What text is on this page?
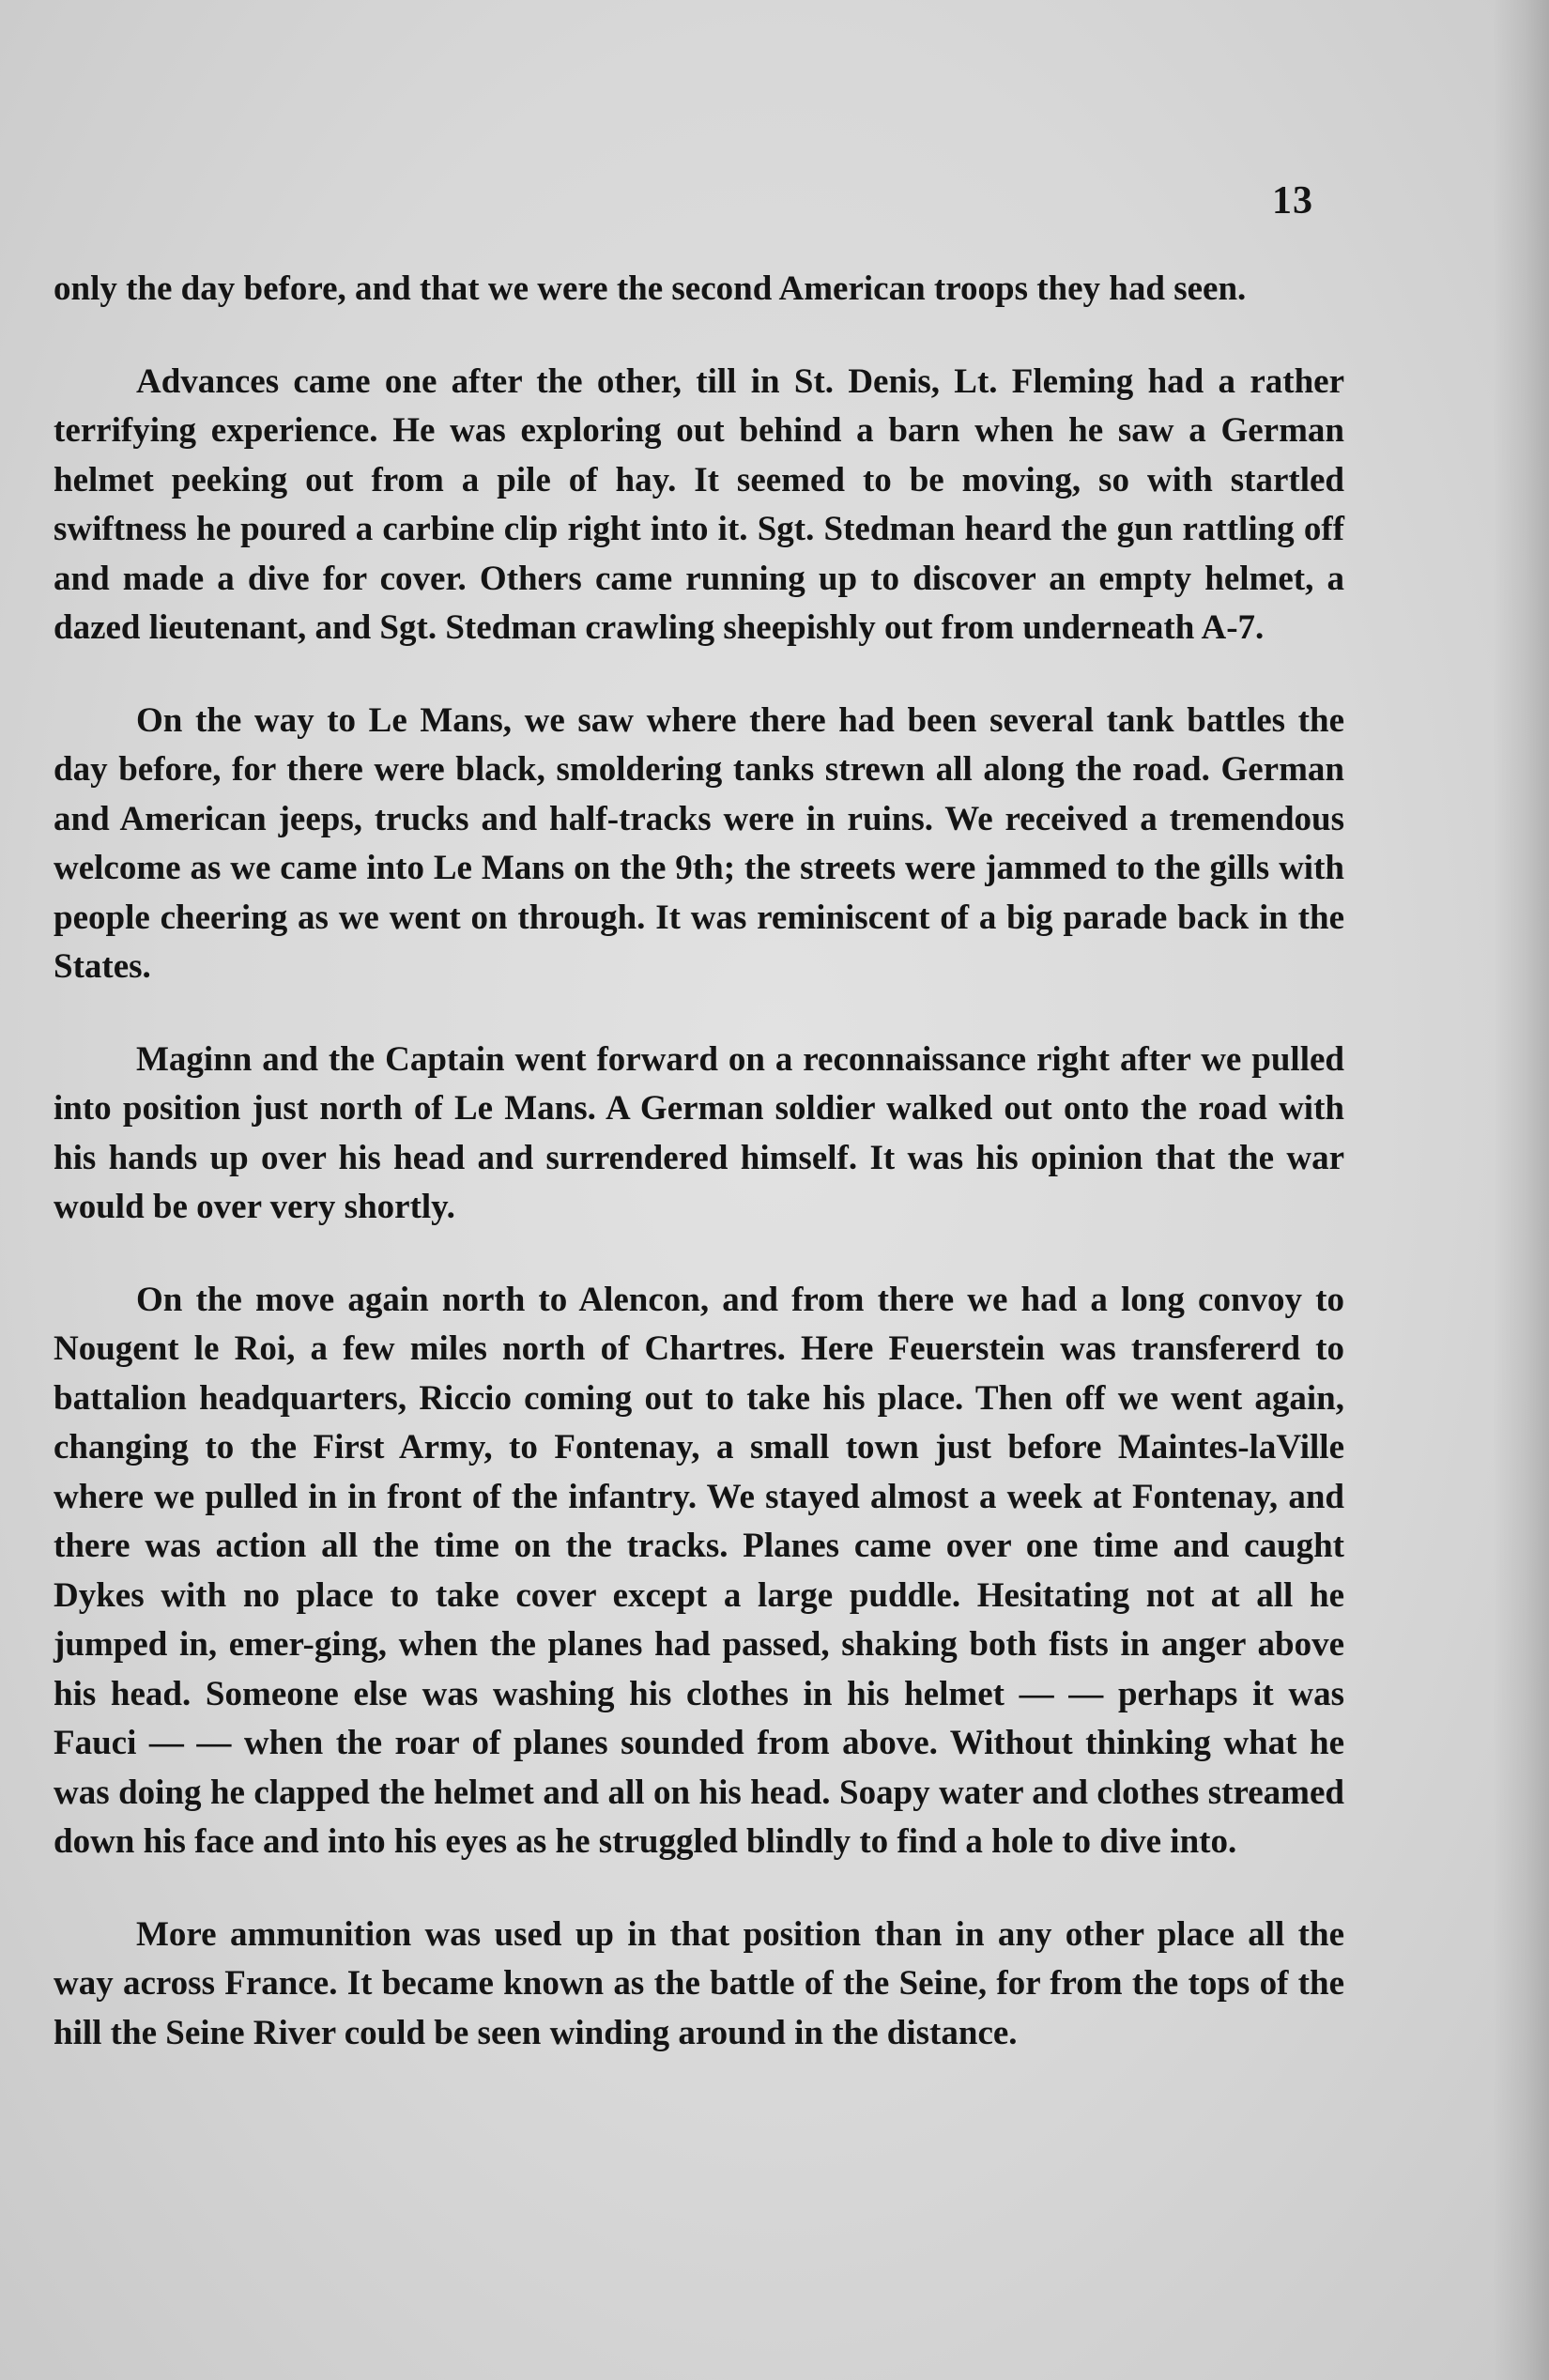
13

only the day before, and that we were the second American troops they had seen.

Advances came one after the other, till in St. Denis, Lt. Fleming had a rather terrifying experience. He was exploring out behind a barn when he saw a German helmet peeking out from a pile of hay. It seemed to be moving, so with startled swiftness he poured a carbine clip right into it. Sgt. Stedman heard the gun rattling off and made a dive for cover. Others came running up to discover an empty helmet, a dazed lieutenant, and Sgt. Stedman crawling sheepishly out from underneath A-7.

On the way to Le Mans, we saw where there had been several tank battles the day before, for there were black, smoldering tanks strewn all along the road. German and American jeeps, trucks and half-tracks were in ruins. We received a tremendous welcome as we came into Le Mans on the 9th; the streets were jammed to the gills with people cheering as we went on through. It was reminiscent of a big parade back in the States.

Maginn and the Captain went forward on a reconnaissance right after we pulled into position just north of Le Mans. A German soldier walked out onto the road with his hands up over his head and surrendered himself. It was his opinion that the war would be over very shortly.

On the move again north to Alencon, and from there we had a long convoy to Nougent le Roi, a few miles north of Chartres. Here Feuerstein was transfererd to battalion headquarters, Riccio coming out to take his place. Then off we went again, changing to the First Army, to Fontenay, a small town just before Maintes-laVille where we pulled in in front of the infantry. We stayed almost a week at Fontenay, and there was action all the time on the tracks. Planes came over one time and caught Dykes with no place to take cover except a large puddle. Hesitating not at all he jumped in, emer-ging, when the planes had passed, shaking both fists in anger above his head. Someone else was washing his clothes in his helmet — — perhaps it was Fauci — — when the roar of planes sounded from above. Without thinking what he was doing he clapped the helmet and all on his head. Soapy water and clothes streamed down his face and into his eyes as he struggled blindly to find a hole to dive into.

More ammunition was used up in that position than in any other place all the way across France. It became known as the battle of the Seine, for from the tops of the hill the Seine River could be seen winding around in the distance.
